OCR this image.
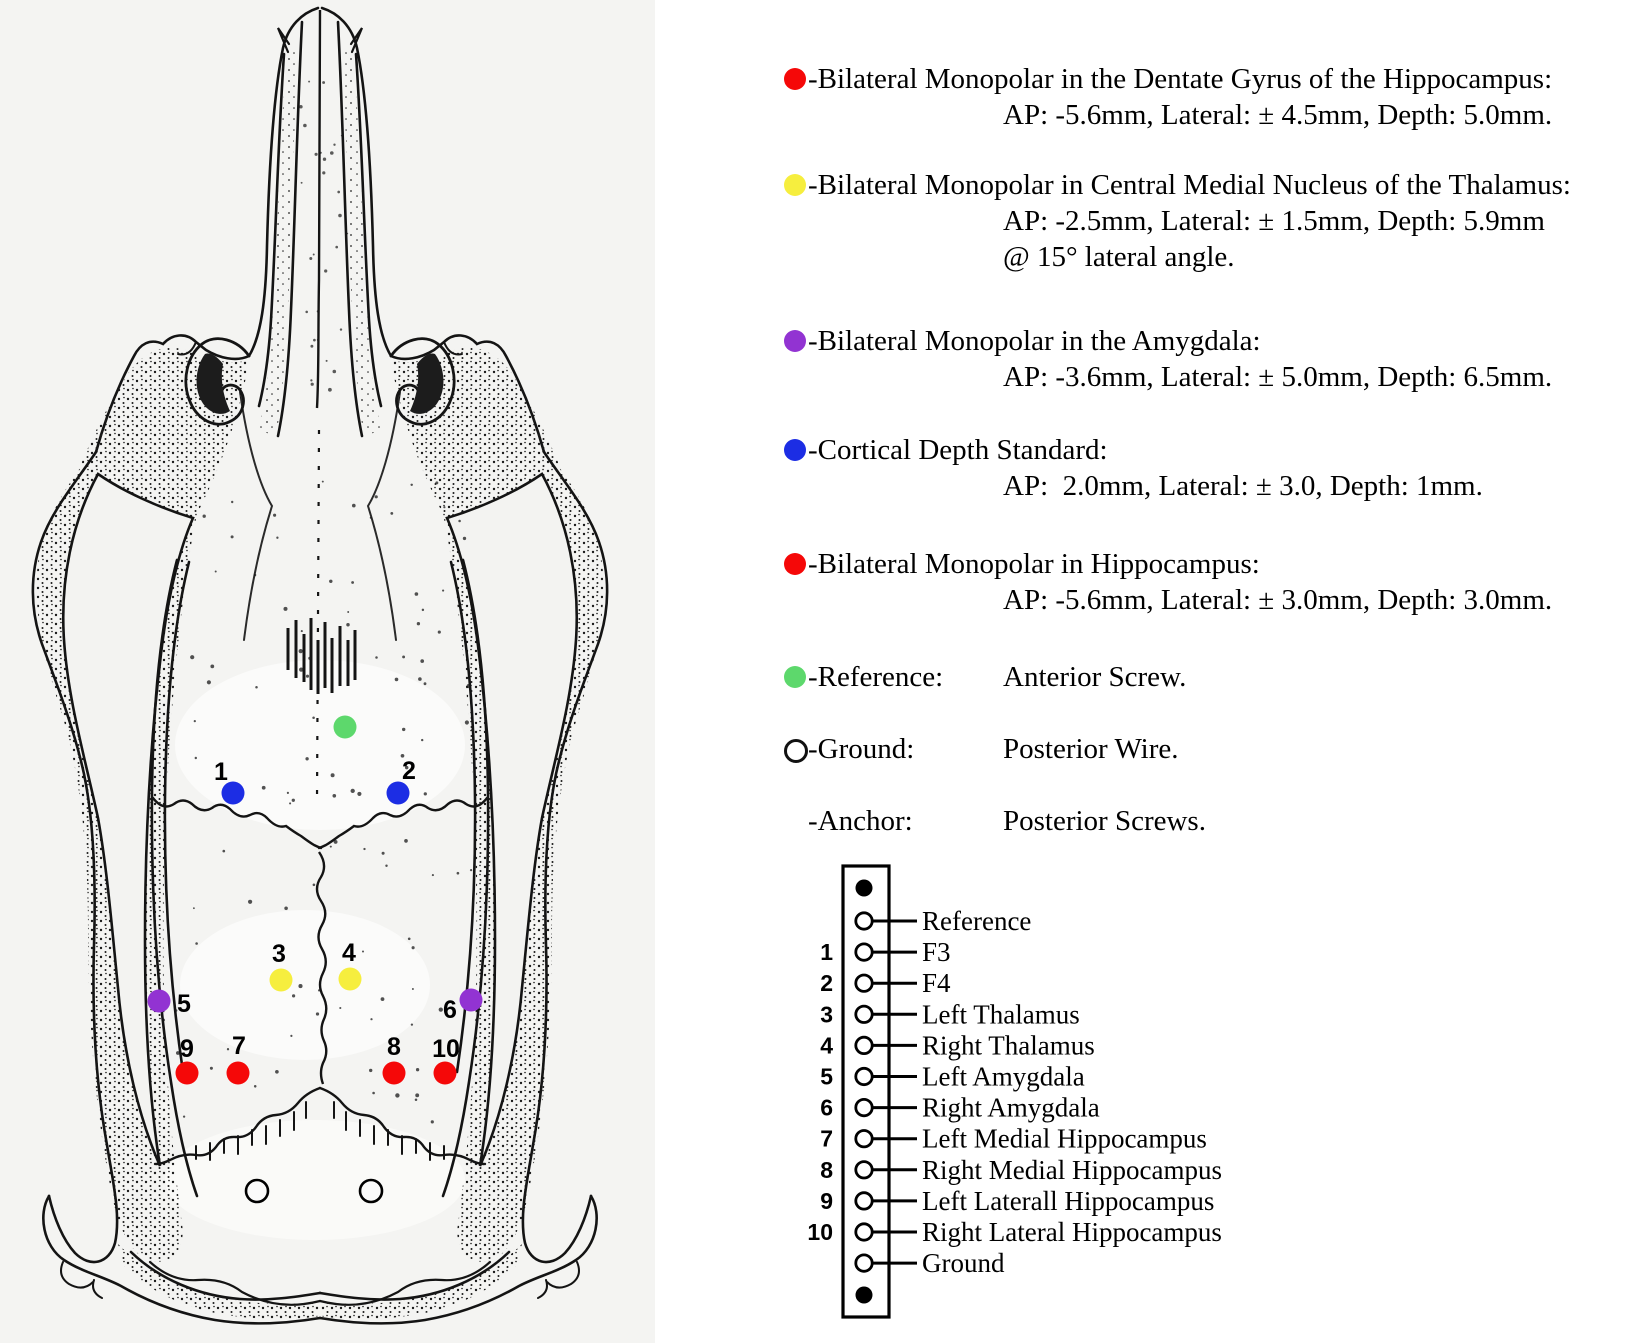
1	2
3 4
5	6
7	8
9	10
-Bilateral Monopolar in the Dentate Gyrus of the Hippocampus:
AP: -5.6mm, Lateral: ± 4.5mm, Depth: 5.0mm.
-Bilateral Monopolar in Central Medial Nucleus of the Thalamus:
AP: -2.5mm, Lateral: ± 1.5mm, Depth: 5.9mm
@ 15° lateral angle.
-Bilateral Monopolar in the Amygdala:
AP: -3.6mm, Lateral: ± 5.0mm, Depth: 6.5mm.
-Cortical Depth Standard:
AP:  2.0mm, Lateral: ± 3.0, Depth: 1mm.
-Bilateral Monopolar in Hippocampus:
AP: -5.6mm, Lateral: ± 3.0mm, Depth: 3.0mm.
-Reference: Anterior Screw.
-Ground:	Posterior Wire.
-Anchor:	Posterior Screws.
Reference
1	F3
2	F4
3	Left Thalamus
4	Right Thalamus
5	Left Amygdala
6	Right Amygdala
7	Left Medial Hippocampus
8	Right Medial Hippocampus
9	Left Laterall Hippocampus
10	Right Lateral Hippocampus
Ground
